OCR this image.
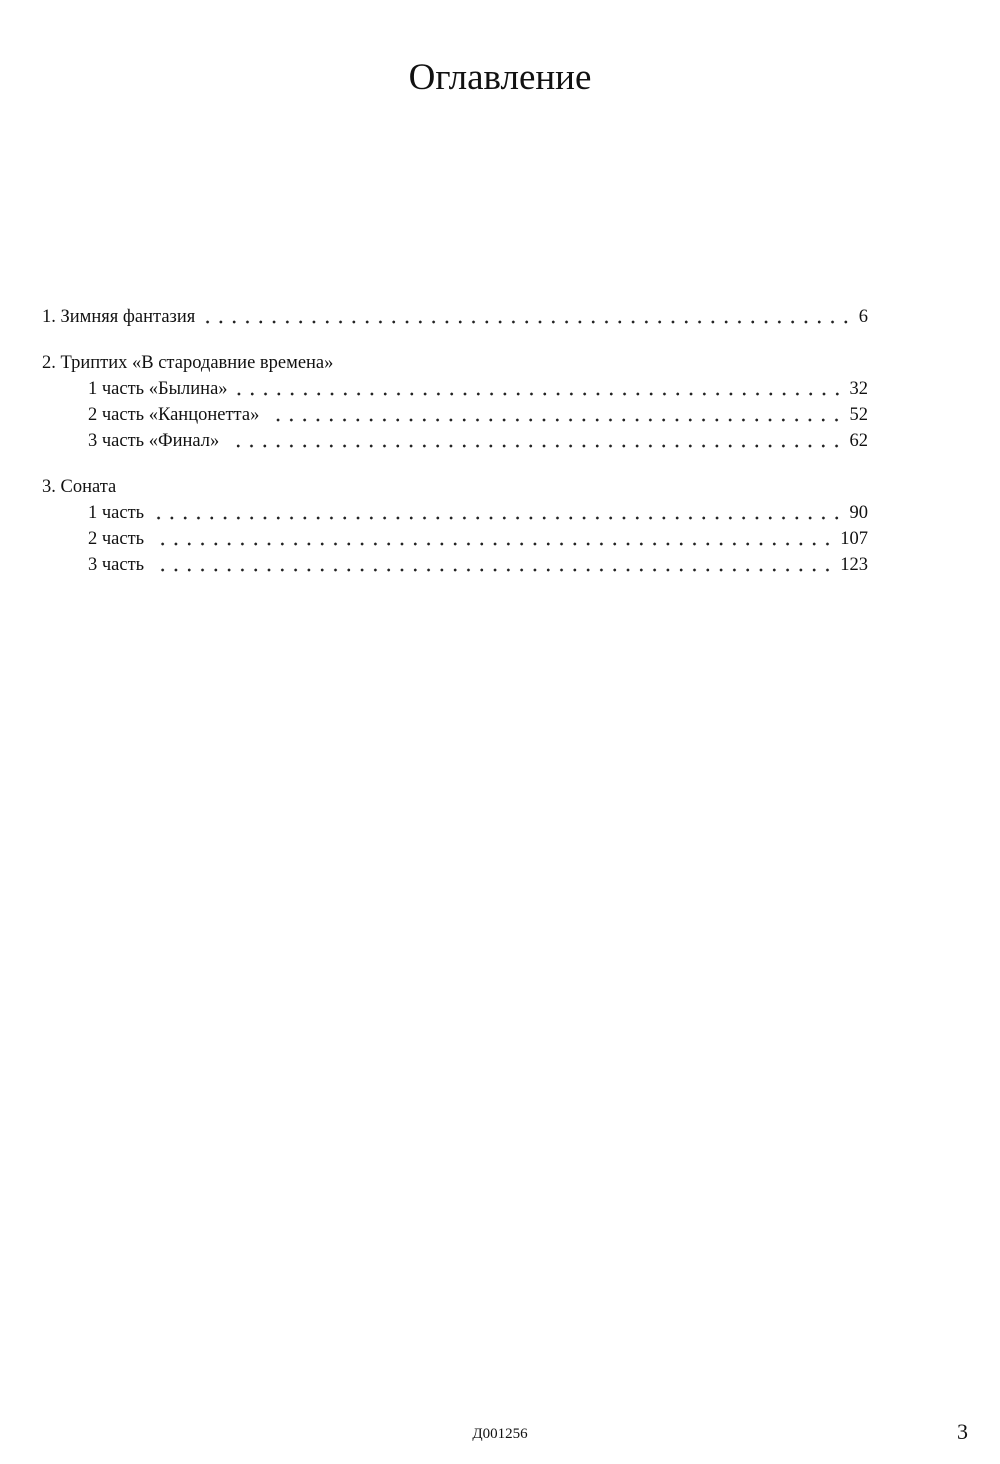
Оглавление
1. Зимняя фантазия	6
2. Триптих «В стародавние времена»
1 часть «Былина»	32
2 часть «Канцонетта»	52
3 часть «Финал»	62
3. Соната
1 часть	90
2 часть	107
3 часть	123
Д001256	3
